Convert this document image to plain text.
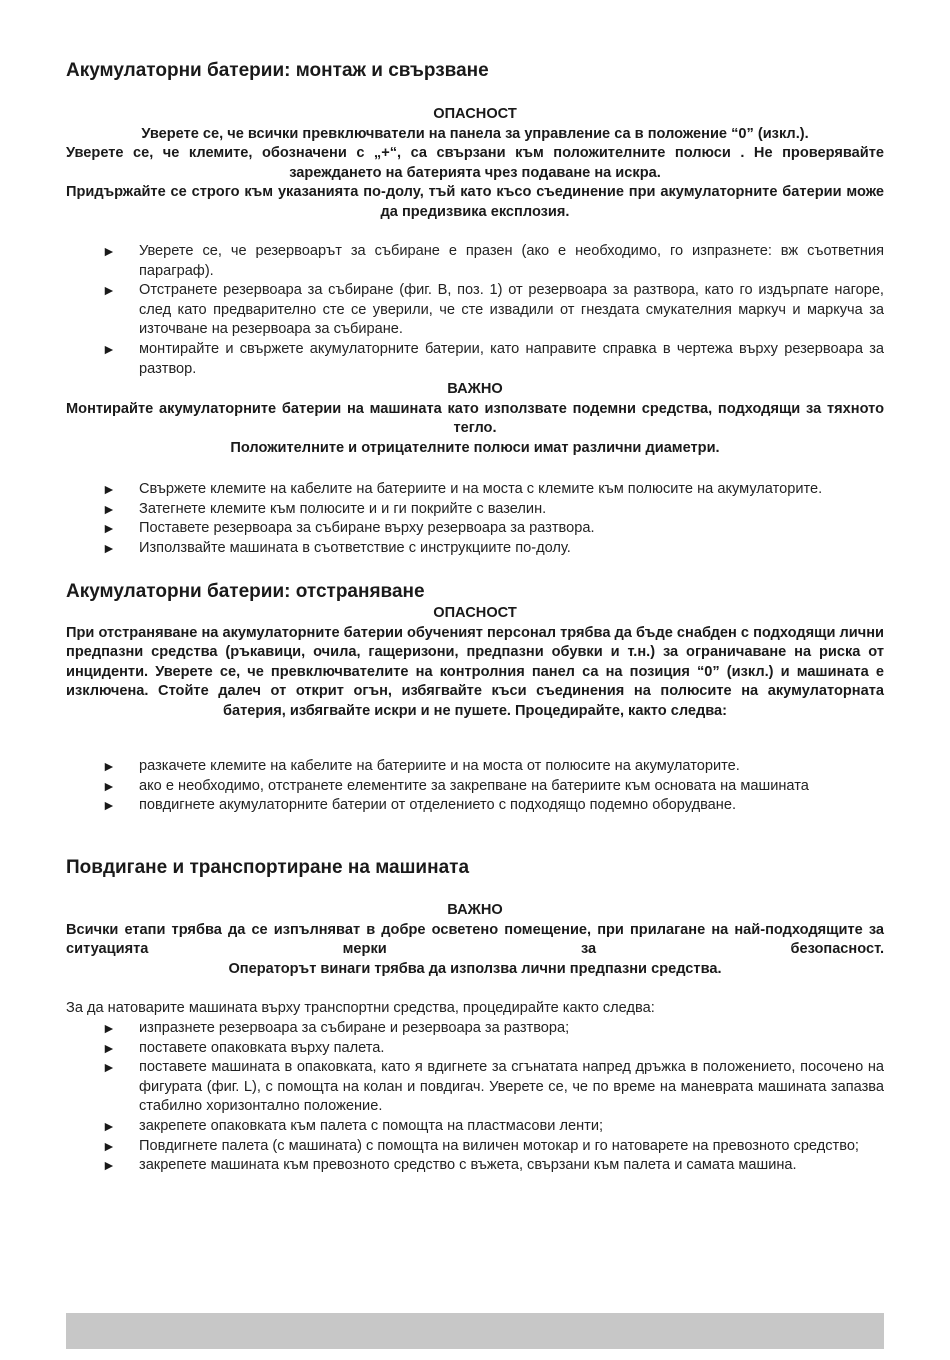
Акумулаторни батерии: монтаж и свързване
ОПАСНОСТ

Уверете се, че всички превключватели на панела за управление са в положение “0” (изкл.).

Уверете се, че клемите, обозначени с „+“, са свързани към положителните полюси . Не проверявайте зареждането на батерията чрез подаване на искра.

Придържайте се строго към указанията по-долу, тъй като късо съединение при акумулаторните батерии може да предизвика експлозия.

► Уверете се, че резервоарът за събиране е празен (ако е необходимо, го изпразнете: вж съответния параграф).
► Отстранете резервоара за събиране (фиг. B, поз. 1) от резервоара за разтвора, като го издърпате нагоре, след като предварително сте се уверили, че сте извадили от гнездата смукателния маркуч и маркуча за източване на резервоара за събиране.
► монтирайте и свържете акумулаторните батерии, като направите справка в чертежа върху резервоара за разтвор.
ВАЖНО

Монтирайте акумулаторните батерии на машината като използвате подемни средства, подходящи за тяхното тегло.

Положителните и отрицателните полюси имат различни диаметри.

► Свържете клемите на кабелите на батериите и на моста с клемите към полюсите на акумулаторите.
► Затегнете клемите към полюсите и и ги покрийте с вазелин.
► Поставете резервоара за събиране върху резервоара за разтвора.
► Използвайте машината в съответствие с инструкциите по-долу.
Акумулаторни батерии: отстраняване
ОПАСНОСТ

При отстраняване на акумулаторните батерии обученият персонал трябва да бъде снабден с подходящи лични предпазни средства (ръкавици, очила, гащеризони, предпазни обувки и т.н.) за ограничаване на риска от инциденти. Уверете се, че превключвателите на контролния панел са на позиция “0” (изкл.) и машината е изключена. Стойте далеч от открит огън, избягвайте къси съединения на полюсите на акумулаторната батерия, избягвайте искри и не пушете. Процедирайте, както следва:

► разкачете клемите на кабелите на батериите и на моста от полюсите на акумулаторите.
► ако е необходимо, отстранете елементите за закрепване на батериите към основата на машината
► повдигнете акумулаторните батерии от отделението с подходящо подемно оборудване.
Повдигане и транспортиране на машината
ВАЖНО

Всички етапи трябва да се изпълняват в добре осветено помещение, при прилагане на най-подходящите за ситуацията мерки за безопасност.

Операторът винаги трябва да използва лични предпазни средства.

За да натоварите машината върху транспортни средства, процедирайте както следва:

► изпразнете резервоара за събиране и резервоара за разтвора;
► поставете опаковката върху палета.
► поставете машината в опаковката, като я вдигнете за сгънатата напред дръжка в положението, посочено на фигурата (фиг. L), с помощта на колан и повдигач. Уверете се, че по време на маневрата машината запазва стабилно хоризонтално положение.
► закрепете опаковката към палета с помощта на пластмасови ленти;
► Повдигнете палета (с машината) с помощта на виличен мотокар и го натоварете на превозното средство;
► закрепете машината към превозното средство с въжета, свързани към палета и самата машина.
